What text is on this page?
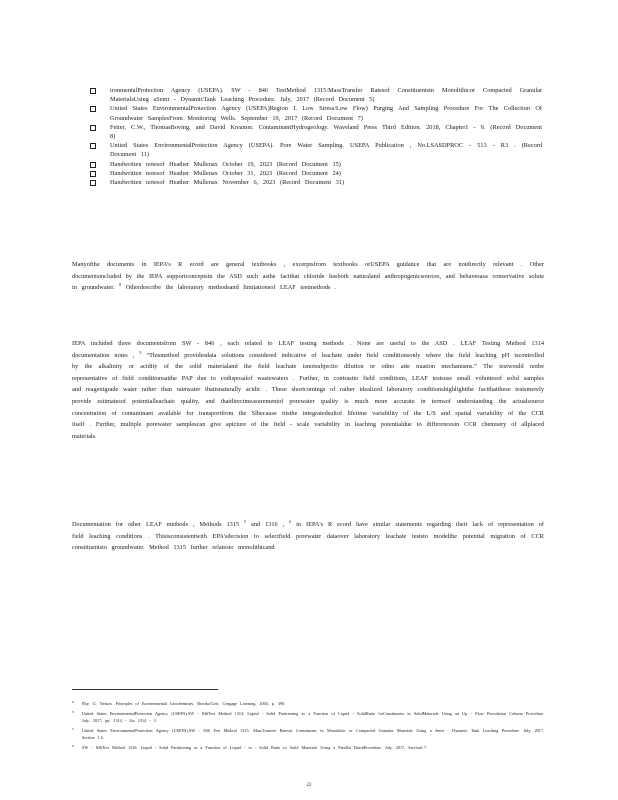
ironmentalProtection Agency (USEPA). SW - 846 TestMethod 1315:MassTransfer Ratesof Constituentsin Monolithicor Compacted Granular MaterialsUsing aSemi - DynamicTank Leaching Procedure. July, 2017 (Record Document 5)
United States EnvironmentalProtection Agency (USEPA)Region I. Low Stress/Low Flow) Purging And Sampling Procedure For The Collection Of Groundwater SamplesFrom Monitoring Wells. September 19, 2017 (Record Document 7)
Fetter, C.W., ThomasBoving, and David Kreamer. ContaminantHydrogeology. Waveland Press Third Edition. 2018, Chapter1 - 9. (Record Document 8)
United States EnvironmentalProtection Agency (USEPA). Pore Water Sampling. USEPA Publication , No.LSASDPROC - 513 - R3 . (Record Document 11)
Handwritten notesof Heather Mullenax October 19, 2023 (Record Document 15)
Handwritten notesof Heather Mullenax October 31, 2023 (Record Document 24)
Handwritten notesof Heather Mullenax November 6, 2023 (Record Document 31)
Manyofthe documents in IEPA's R ecord are general textbooks , excerptsfrom textbooks orUSEPA guidance that are notdirectly relevant . Other documentsincluded by the IEPA supportconceptsin the ASD such asthe factthat chloride hasboth naturaland anthropogenicsources, and behavesasa conservative solute in groundwater. $^8$ Otherdescribe the laboratory methodsand limitationsof LEAF testmethods .
IEPA included three documentsfrom SW - 846 , each related to LEAF testing methods . None are useful to the ASD . LEAF Testing Method 1314 documentation notes , $^9$ “Thismethod providesdata solutions considered indicative of leachate under field conditionsonly where the field leaching pH iscontrolled by the alkalinity or acidity of the solid materialand the field leachate isnotsubjectto dilution or other atte nuation mechanisms.” The testwould notbe representative of field conditionsatthe PAP due to codisposalof wastewaters . Further, in contrastto field conditions, LEAF testsuse small volumesof solid samples and reagentgrade water rather than rainwater thatisnaturally acidic . These shortcomings of rather idealized laboratory conditionshighlightthe factthatthese testsmerely provide estimatesof potentialleachate quality, and thatdirectmeasurementof porewater quality is much more accurate in termsof understanding the actualsource concentration of contaminant available for transportfrom the Slbecause itisthe integratedsultof lifetime variability of the L/S and spatial variability of the CCR itself . Further, multiple porewater samplescan give apicture of the field - scale variability in leaching potentialdue to differencesin CCR chemistry of allplaced materials.
Documentation for other LEAF methods , Methods 1315 $^5$ and 1316 , $^6$ in IEPA's R ecord have similar statements regarding their lack of representation of field leaching conditions . Thisisconsistentwith EPA'sdecision to selectfield porewater dataover laboratory leachate teststo modelthe potential migration of CCR constituentsto groundwater. Method 1315 further relatesto monolithicand
8 Eby, G. Nelson. Principles of Environmental Geochemistry. Brooks/Cole, Cengage Learning. 2004, p. 390.
9 United States EnvironmentalProtection Agency (USEPA).SW - 846Test Method 1314: Liquid - Solid Partitioning as a Function of Liquid - SolidRatio forConstituents in SolidMaterials Using an Up - Flow Percolation Column Procedure. July, 2017, pp. 1314 - 2to 1314 - 3.
5 United States EnvironmentalProtection Agency (USEPA).SW - 846 Test Method 1315: MassTransfer Ratesof Constituents in Monolithic or Compacted Granular Materials Using a Semi - Dynamic Tank Leaching Procedure. July, 2017, Section 1.5.
6 SW - 846Test Method 1316: Liquid - Solid Partitioning as a Function of Liquid - to - Solid Ratio in Solid Materials Using a Parallel BatchProcedure. July, 2017, Section1.7.
22
